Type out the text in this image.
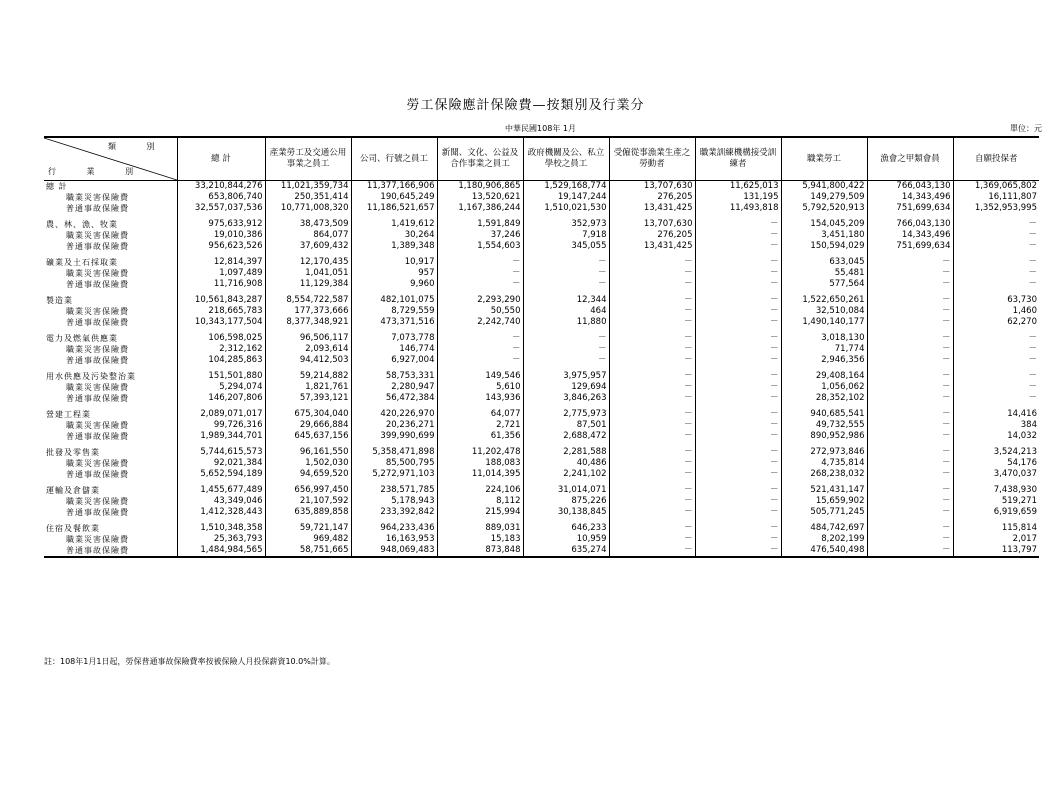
勞工保險應計保險費—按類別及行業分
中華民國108年 1月	單位：元
類 別
行 業 別	總 計	產業勞工及交通公用事業之員工	公司、行號之員工	新聞、文化、公益及合作事業之員工	政府機關及公、私立學校之員工	受僱從事漁業生產之勞動者	職業訓練機構接受訓練者	職業勞工	漁會之甲類會員	自願投保者
總 計	33,210,844,276	11,021,359,734	11,377,166,906	1,180,906,865	1,529,168,774	13,707,630	11,625,013	5,941,800,422	766,043,130	1,369,065,802
職業災害保險費	653,806,740	250,351,414	190,645,249	13,520,621	19,147,244	276,205	131,195	149,279,509	14,343,496	16,111,807
普通事故保險費	32,557,037,536	10,771,008,320	11,186,521,657	1,167,386,244	1,510,021,530	13,431,425	11,493,818	5,792,520,913	751,699,634	1,352,953,995

農、林、漁、牧業	975,633,912	38,473,509	1,419,612	1,591,849	352,973	13,707,630	－	154,045,209	766,043,130	－
職業災害保險費	19,010,386	864,077	30,264	37,246	7,918	276,205	－	3,451,180	14,343,496	－
普通事故保險費	956,623,526	37,609,432	1,389,348	1,554,603	345,055	13,431,425	－	150,594,029	751,699,634	－

礦業及土石採取業	12,814,397	12,170,435	10,917	－	－	－	－	633,045	－	－
職業災害保險費	1,097,489	1,041,051	957	－	－	－	－	55,481	－	－
普通事故保險費	11,716,908	11,129,384	9,960	－	－	－	－	577,564	－	－

製造業	10,561,843,287	8,554,722,587	482,101,075	2,293,290	12,344	－	－	1,522,650,261	－	63,730
職業災害保險費	218,665,783	177,373,666	8,729,559	50,550	464	－	－	32,510,084	－	1,460
普通事故保險費	10,343,177,504	8,377,348,921	473,371,516	2,242,740	11,880	－	－	1,490,140,177	－	62,270

電力及燃氣供應業	106,598,025	96,506,117	7,073,778	－	－	－	－	3,018,130	－	－
職業災害保險費	2,312,162	2,093,614	146,774	－	－	－	－	71,774	－	－
普通事故保險費	104,285,863	94,412,503	6,927,004	－	－	－	－	2,946,356	－	－

用水供應及污染整治業	151,501,880	59,214,882	58,753,331	149,546	3,975,957	－	－	29,408,164	－	－
職業災害保險費	5,294,074	1,821,761	2,280,947	5,610	129,694	－	－	1,056,062	－	－
普通事故保險費	146,207,806	57,393,121	56,472,384	143,936	3,846,263	－	－	28,352,102	－	－

營建工程業	2,089,071,017	675,304,040	420,226,970	64,077	2,775,973	－	－	940,685,541	－	14,416
職業災害保險費	99,726,316	29,666,884	20,236,271	2,721	87,501	－	－	49,732,555	－	384
普通事故保險費	1,989,344,701	645,637,156	399,990,699	61,356	2,688,472	－	－	890,952,986	－	14,032

批發及零售業	5,744,615,573	96,161,550	5,358,471,898	11,202,478	2,281,588	－	－	272,973,846	－	3,524,213
職業災害保險費	92,021,384	1,502,030	85,500,795	188,083	40,486	－	－	4,735,814	－	54,176
普通事故保險費	5,652,594,189	94,659,520	5,272,971,103	11,014,395	2,241,102	－	－	268,238,032	－	3,470,037

運輸及倉儲業	1,455,677,489	656,997,450	238,571,785	224,106	31,014,071	－	－	521,431,147	－	7,438,930
職業災害保險費	43,349,046	21,107,592	5,178,943	8,112	875,226	－	－	15,659,902	－	519,271
普通事故保險費	1,412,328,443	635,889,858	233,392,842	215,994	30,138,845	－	－	505,771,245	－	6,919,659

住宿及餐飲業	1,510,348,358	59,721,147	964,233,436	889,031	646,233	－	－	484,742,697	－	115,814
職業災害保險費	25,363,793	969,482	16,163,953	15,183	10,959	－	－	8,202,199	－	2,017
普通事故保險費	1,484,984,565	58,751,665	948,069,483	873,848	635,274	－	－	476,540,498	－	113,797
註：108年1月1日起，勞保普通事故保險費率按被保險人月投保薪資10.0%計算。
